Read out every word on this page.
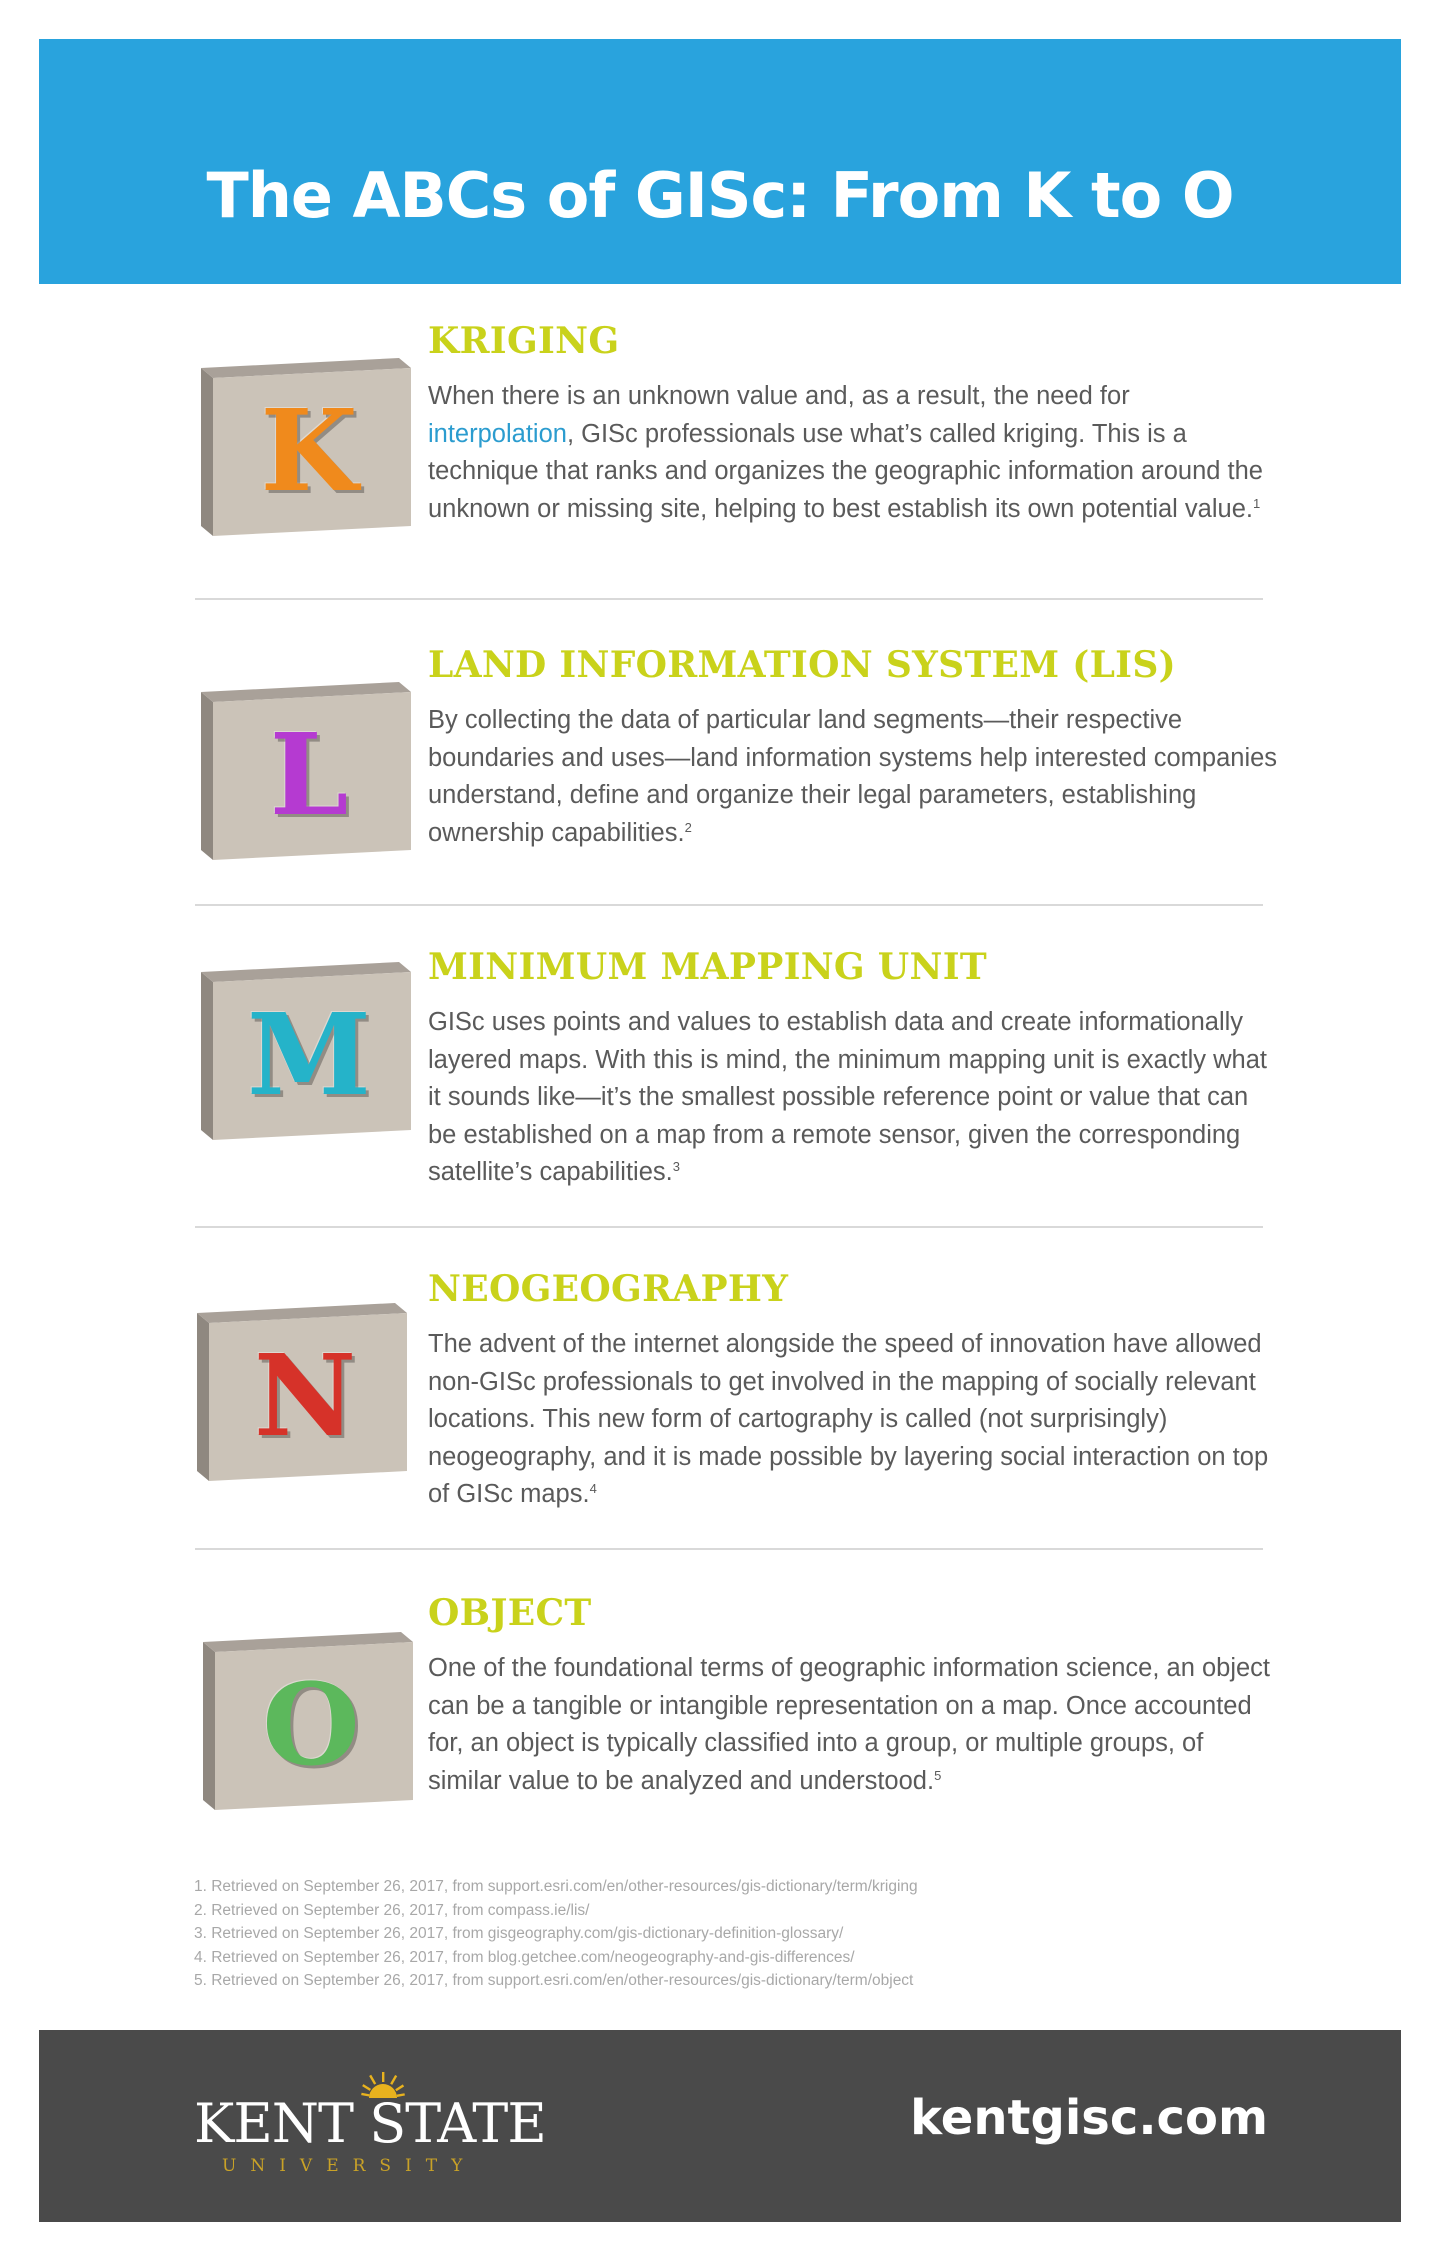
The ABCs of GISc: From K to O
K
KRIGING

When there is an unknown value and, as a result, the need for interpolation, GISc professionals use what’s called kriging. This is a technique that ranks and organizes the geographic information around the unknown or missing site, helping to best establish its own potential value.$^1$

L
LAND INFORMATION SYSTEM (LIS)

By collecting the data of particular land segments—their respective boundaries and uses—land information systems help interested companies understand, define and organize their legal parameters, establishing ownership capabilities.$^2$

M
MINIMUM MAPPING UNIT

GISc uses points and values to establish data and create informationally layered maps. With this is mind, the minimum mapping unit is exactly what it sounds like—it’s the smallest possible reference point or value that can be established on a map from a remote sensor, given the corresponding satellite’s capabilities.$^3$

N
NEOGEOGRAPHY

The advent of the internet alongside the speed of innovation have allowed non-GISc professionals to get involved in the mapping of socially relevant locations. This new form of cartography is called (not surprisingly) neogeography, and it is made possible by layering social interaction on top of GISc maps.$^4$

O
OBJECT

One of the foundational terms of geographic information science, an object can be a tangible or intangible representation on a map. Once accounted for, an object is typically classified into a group, or multiple groups, of similar value to be analyzed and understood.$^5$

1. Retrieved on September 26, 2017, from support.esri.com/en/other-resources/gis-dictionary/term/kriging
2. Retrieved on September 26, 2017, from compass.ie/lis/
3. Retrieved on September 26, 2017, from gisgeography.com/gis-dictionary-definition-glossary/
4. Retrieved on September 26, 2017, from blog.getchee.com/neogeography-and-gis-differences/
5. Retrieved on September 26, 2017, from support.esri.com/en/other-resources/gis-dictionary/term/object
KENT STATE
UNIVERSITY
kentgisc.com
